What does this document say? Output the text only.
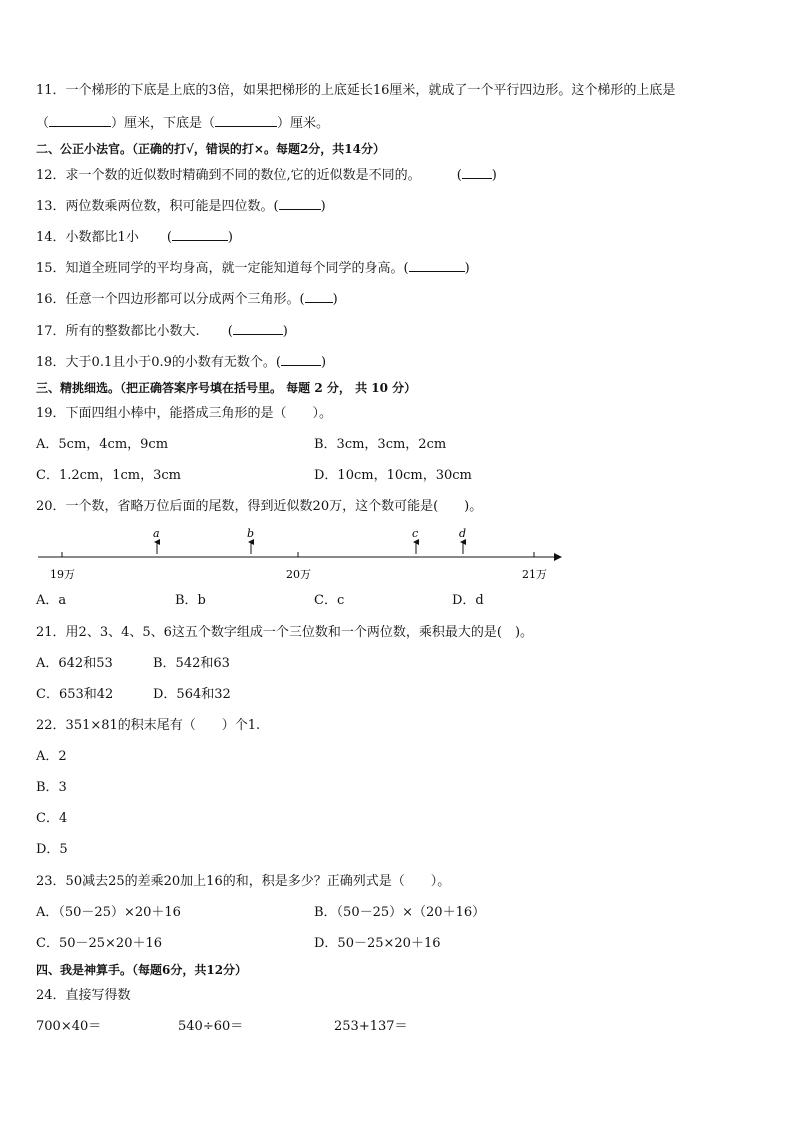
11．一个梯形的下底是上底的3倍，如果把梯形的上底延长16厘米，就成了一个平行四边形。这个梯形的上底是
（	）厘米，下底是（	）厘米。
二、公正小法官。（正确的打√，错误的打×。每题2分，共14分）
12．求一个数的近似数时精确到不同的数位,它的近似数是不同的。	( )
13．两位数乘两位数，积可能是四位数。(	)
14．小数都比1小 (	)
15．知道全班同学的平均身高，就一定能知道每个同学的身高。(	)
16．任意一个四边形都可以分成两个三角形。( )
17．所有的整数都比小数大. (	)
18．大于0.1且小于0.9的小数有无数个。(	)
三、精挑细选。（把正确答案序号填在括号里。 每题 2 分， 共 10 分）
19．下面四组小棒中，能搭成三角形的是（　　）。
A．5cm，4cm，9cm	B．3cm，3cm，2cm
C．1.2cm，1cm，3cm	D．10cm，10cm，30cm
20．一个数，省略万位后面的尾数，得到近似数20万，这个数可能是(　　)。
19万	20万	21万
a	b	c	d
A．a	B．b	C．c	D．d
21．用2、3、4、5、6这五个数字组成一个三位数和一个两位数，乘积最大的是(　)。
A．642和53	B．542和63
C．653和42	D．564和32
22．351×81的积末尾有（　　）个1.
A．2
B．3
C．4
D．5
23．50减去25的差乘20加上16的和，积是多少？正确列式是（　　）。
A．（50－25）×20＋16	B．（50－25）×（20＋16）
C．50－25×20＋16	D．50－25×20＋16
四、我是神算手。（每题6分，共12分）
24．直接写得数
700×40＝	540÷60＝	253+137＝
